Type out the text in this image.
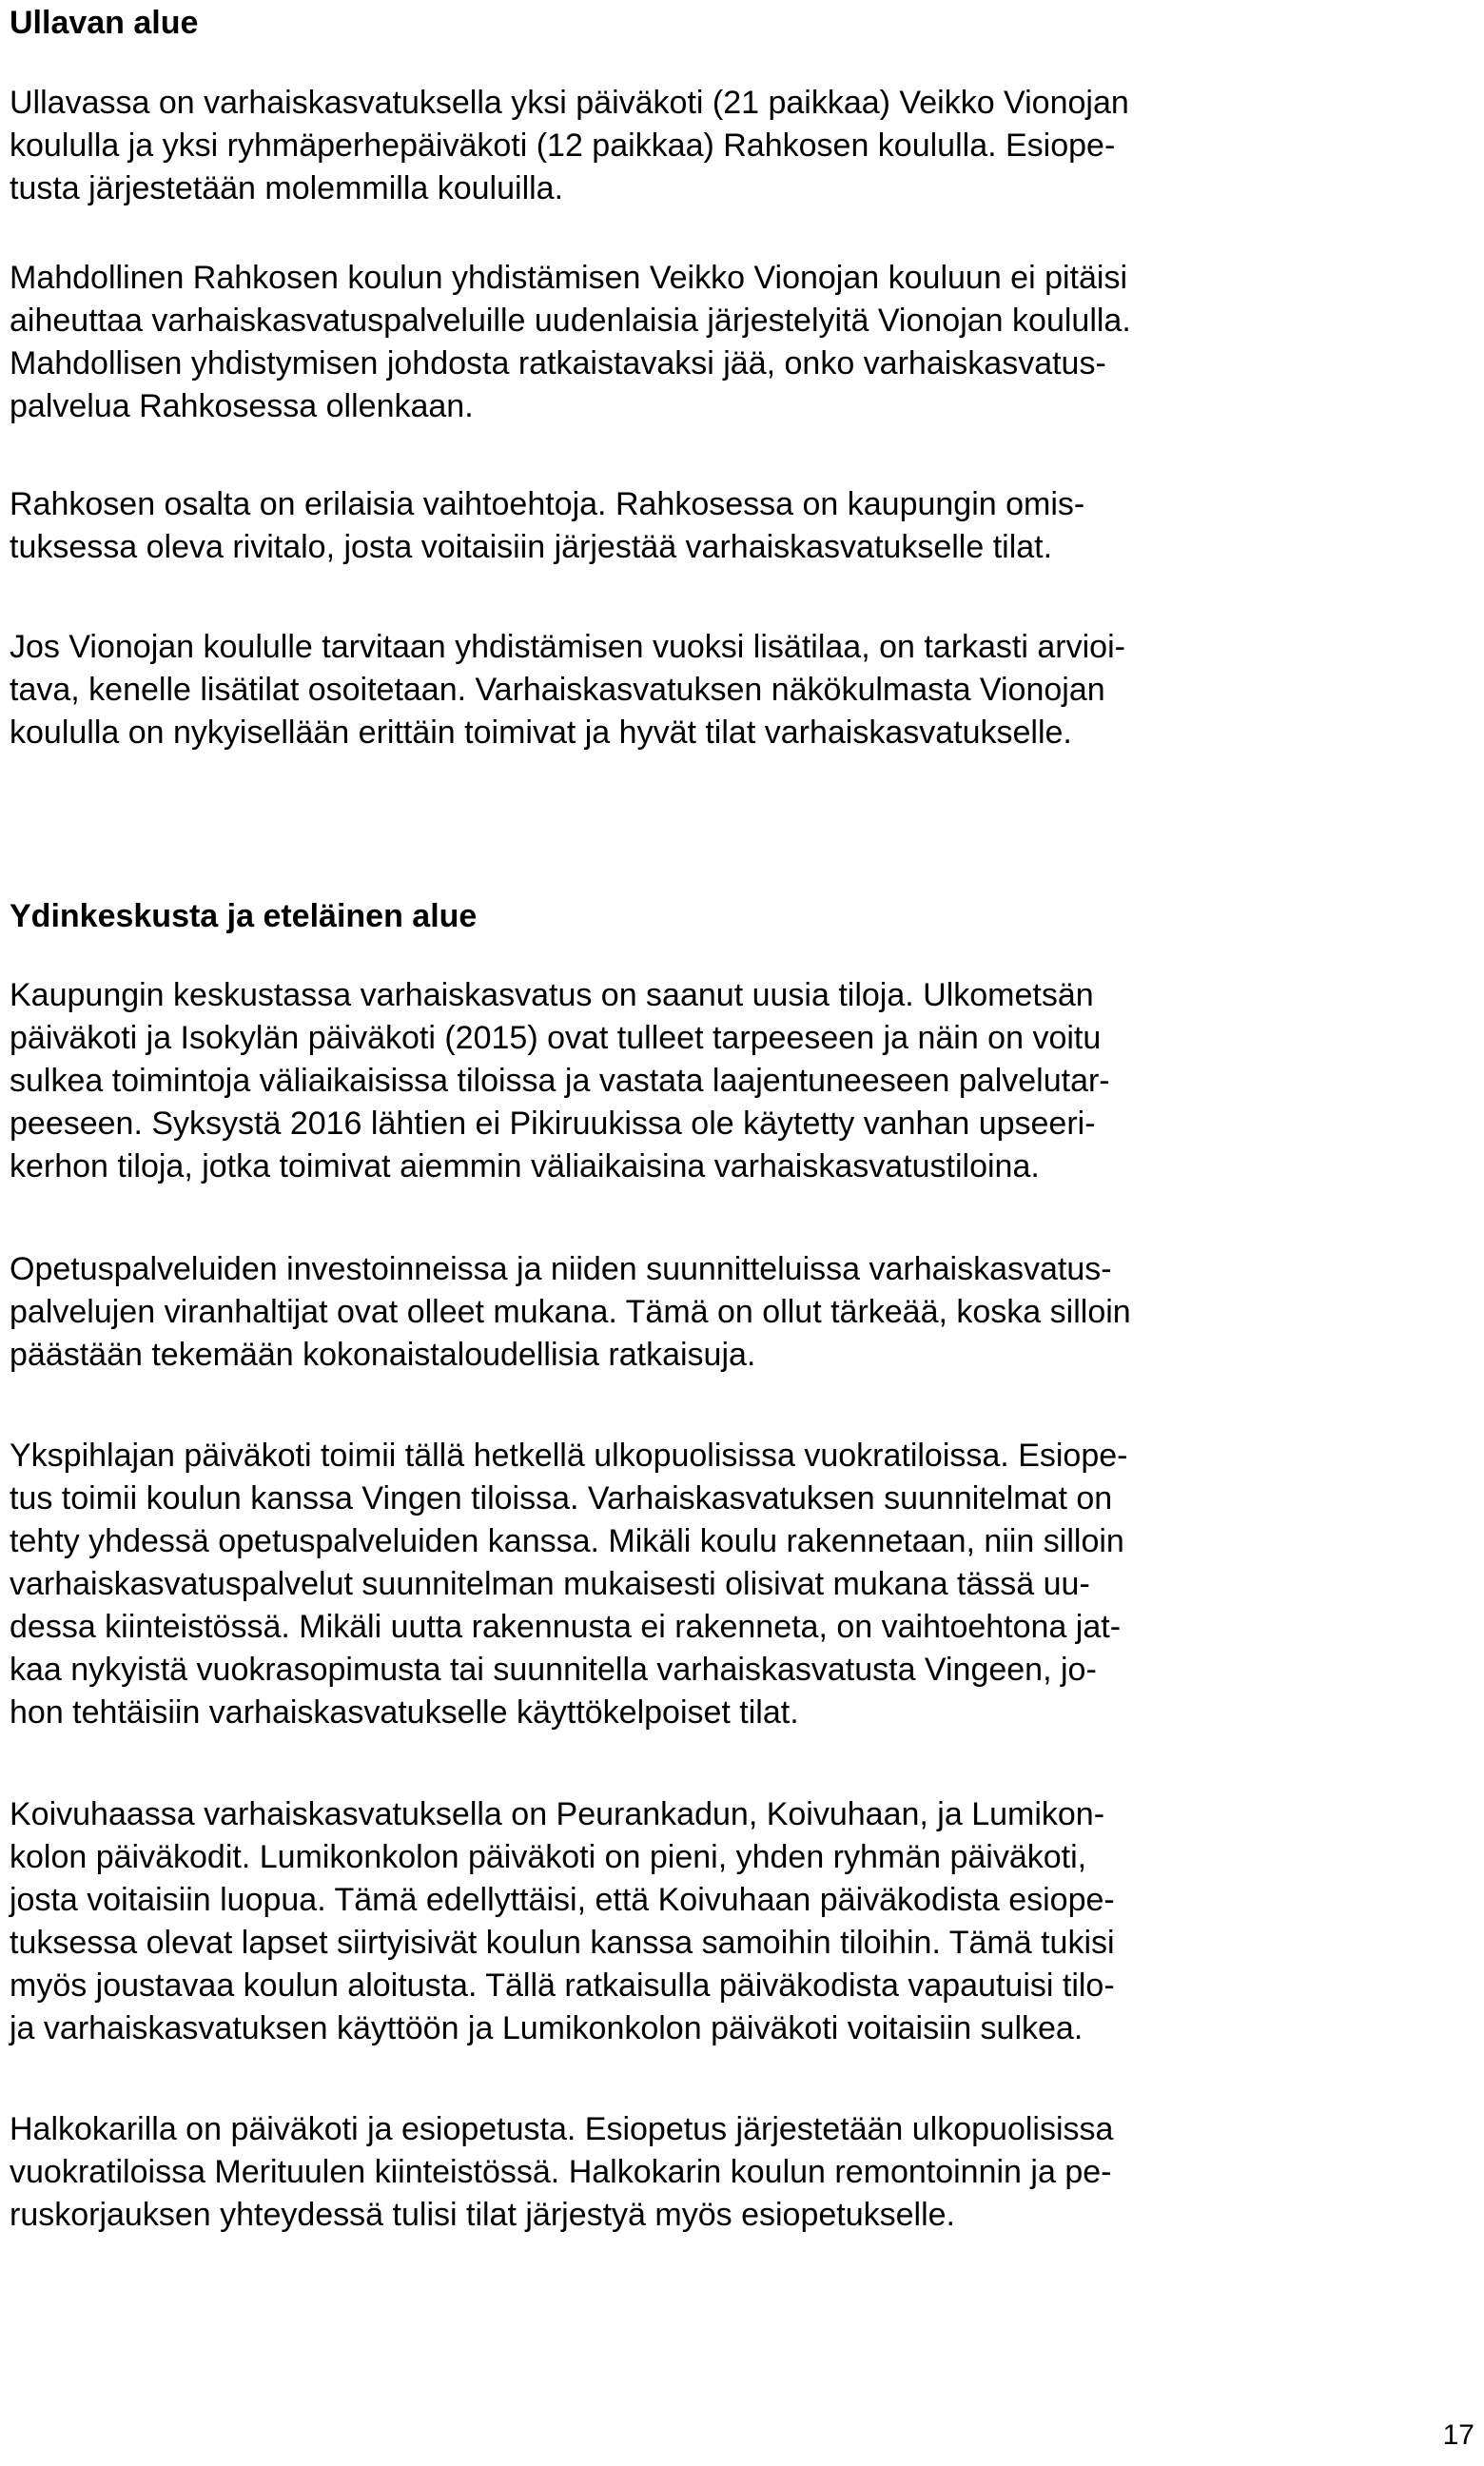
Ullavan alue

Ullavassa on varhaiskasvatuksella yksi päiväkoti (21 paikkaa) Veikko Vionojan
koululla ja yksi ryhmäperhepäiväkoti (12 paikkaa) Rahkosen koululla. Esiope-
tusta järjestetään molemmilla kouluilla.

Mahdollinen Rahkosen koulun yhdistämisen Veikko Vionojan kouluun ei pitäisi
aiheuttaa varhaiskasvatuspalveluille uudenlaisia järjestelyitä Vionojan koululla.
Mahdollisen yhdistymisen johdosta ratkaistavaksi jää, onko varhaiskasvatus-
palvelua Rahkosessa ollenkaan.

Rahkosen osalta on erilaisia vaihtoehtoja. Rahkosessa on kaupungin omis-
tuksessa oleva rivitalo, josta voitaisiin järjestää varhaiskasvatukselle tilat.

Jos Vionojan koululle tarvitaan yhdistämisen vuoksi lisätilaa, on tarkasti arvioi-
tava, kenelle lisätilat osoitetaan. Varhaiskasvatuksen näkökulmasta Vionojan
koululla on nykyisellään erittäin toimivat ja hyvät tilat varhaiskasvatukselle.

Ydinkeskusta ja eteläinen alue

Kaupungin keskustassa varhaiskasvatus on saanut uusia tiloja. Ulkometsän
päiväkoti ja Isokylän päiväkoti (2015) ovat tulleet tarpeeseen ja näin on voitu
sulkea toimintoja väliaikaisissa tiloissa ja vastata laajentuneeseen palvelutar-
peeseen. Syksystä 2016 lähtien ei Pikiruukissa ole käytetty vanhan upseeri-
kerhon tiloja, jotka toimivat aiemmin väliaikaisina varhaiskasvatustiloina.

Opetuspalveluiden investoinneissa ja niiden suunnitteluissa varhaiskasvatus-
palvelujen viranhaltijat ovat olleet mukana. Tämä on ollut tärkeää, koska silloin
päästään tekemään kokonaistaloudellisia ratkaisuja.

Ykspihlajan päiväkoti toimii tällä hetkellä ulkopuolisissa vuokratiloissa. Esiope-
tus toimii koulun kanssa Vingen tiloissa. Varhaiskasvatuksen suunnitelmat on
tehty yhdessä opetuspalveluiden kanssa. Mikäli koulu rakennetaan, niin silloin
varhaiskasvatuspalvelut suunnitelman mukaisesti olisivat mukana tässä uu-
dessa kiinteistössä. Mikäli uutta rakennusta ei rakenneta, on vaihtoehtona jat-
kaa nykyistä vuokrasopimusta tai suunnitella varhaiskasvatusta Vingeen, jo-
hon tehtäisiin varhaiskasvatukselle käyttökelpoiset tilat.

Koivuhaassa varhaiskasvatuksella on Peurankadun, Koivuhaan, ja Lumikon-
kolon päiväkodit. Lumikonkolon päiväkoti on pieni, yhden ryhmän päiväkoti,
josta voitaisiin luopua. Tämä edellyttäisi, että Koivuhaan päiväkodista esiope-
tuksessa olevat lapset siirtyisivät koulun kanssa samoihin tiloihin. Tämä tukisi
myös joustavaa koulun aloitusta. Tällä ratkaisulla päiväkodista vapautuisi tilo-
ja varhaiskasvatuksen käyttöön ja Lumikonkolon päiväkoti voitaisiin sulkea.

Halkokarilla on päiväkoti ja esiopetusta. Esiopetus järjestetään ulkopuolisissa
vuokratiloissa Merituulen kiinteistössä. Halkokarin koulun remontoinnin ja pe-
ruskorjauksen yhteydessä tulisi tilat järjestyä myös esiopetukselle.

17
